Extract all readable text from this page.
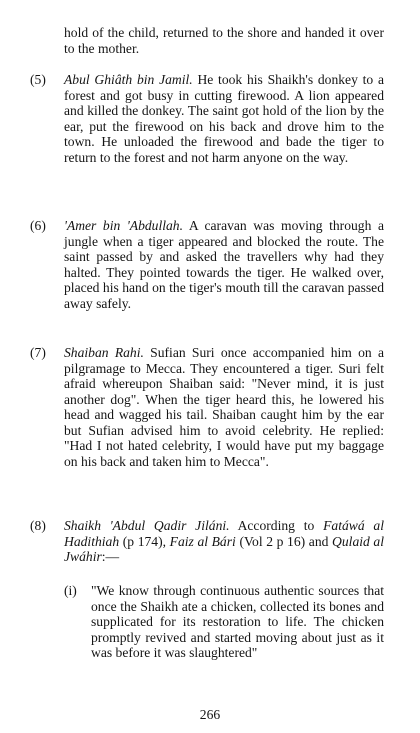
hold of the child, returned to the shore and handed it over to the mother.

(5)	Abul Ghiâth bin Jamil. He took his Shaikh's donkey to a forest and got busy in cutting firewood. A lion appeared and killed the donkey. The saint got hold of the lion by the ear, put the firewood on his back and drove him to the town. He unloaded the firewood and bade the tiger to return to the forest and not harm anyone on the way.

(6)	'Amer bin 'Abdullah. A caravan was moving through a jungle when a tiger appeared and blocked the route. The saint passed by and asked the travellers why had they halted. They pointed towards the tiger. He walked over, placed his hand on the tiger's mouth till the caravan passed away safely.

(7)	Shaiban Rahi. Sufian Suri once accompanied him on a pilgramage to Mecca. They encountered a tiger. Suri felt afraid whereupon Shaiban said: "Never mind, it is just another dog". When the tiger heard this, he lowered his head and wagged his tail. Shaiban caught him by the ear but Sufian advised him to avoid celebrity. He replied: "Had I not hated celebrity, I would have put my baggage on his back and taken him to Mecca".

(8)	Shaikh 'Abdul Qadir Jiláni. According to Fatáwá al Hadithiah (p 174), Faiz al Bári (Vol 2 p 16) and Qulaid al Jwáhir:—

(i)	"We know through continuous authentic sources that once the Shaikh ate a chicken, collected its bones and supplicated for its restoration to life. The chicken promptly revived and started moving about just as it was before it was slaughtered"

266
